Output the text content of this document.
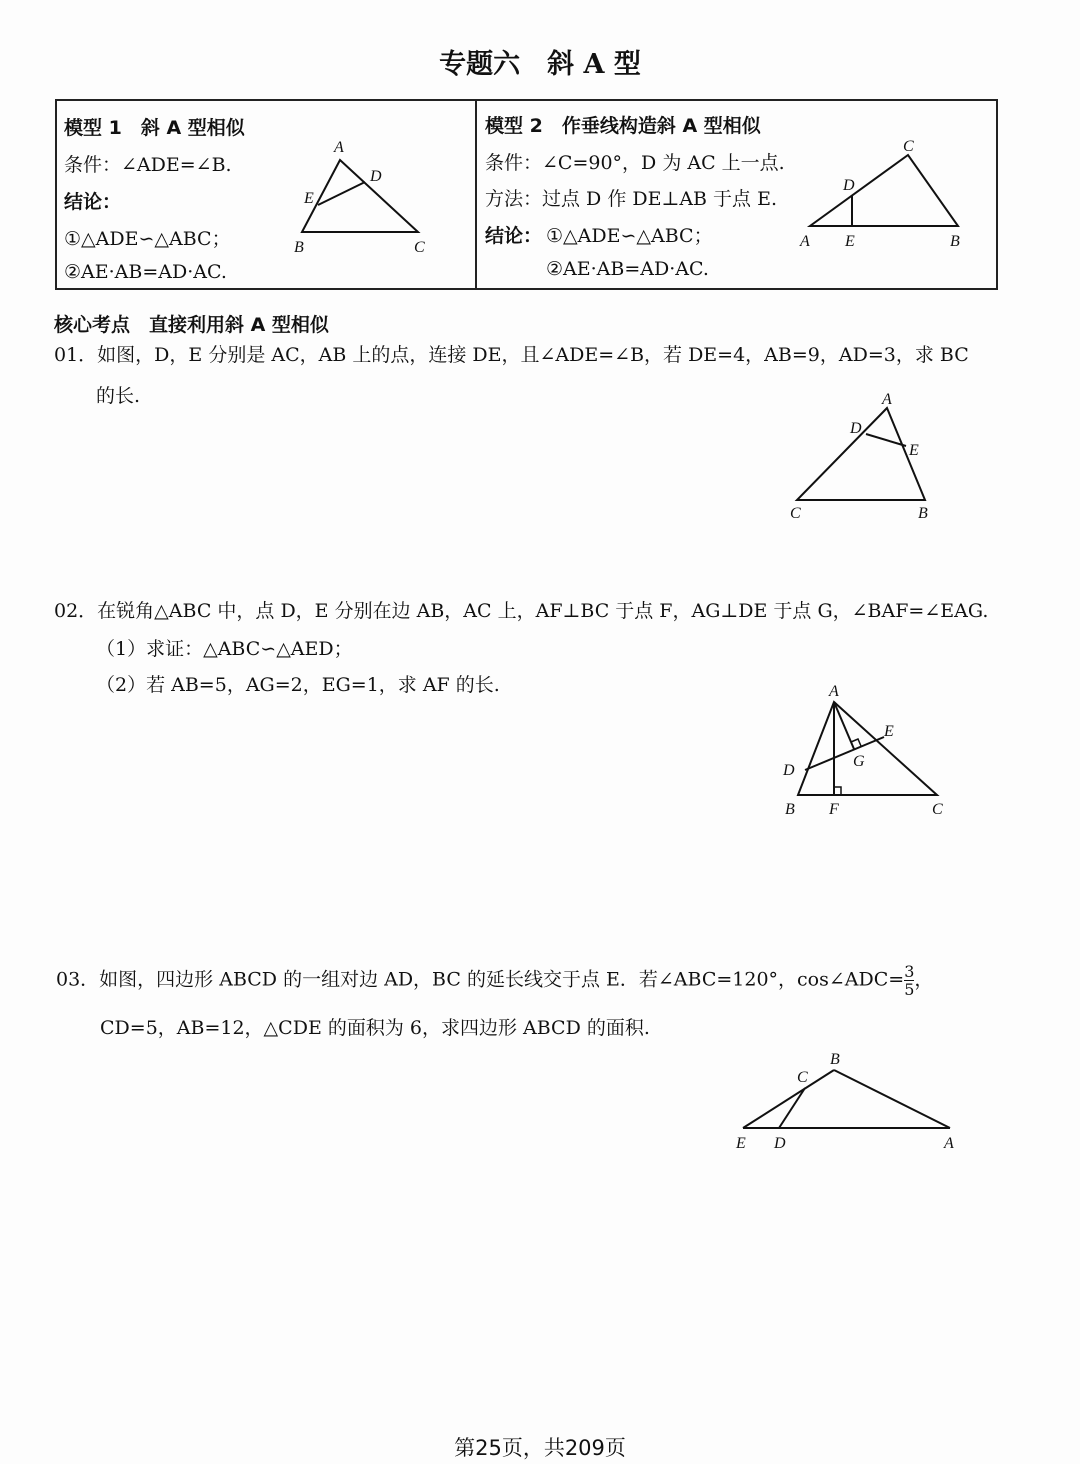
专题六　斜 A 型
模型 1　斜 A 型相似
条件：∠ADE=∠B.
结论：
①△ADE∽△ABC；
②AE·AB=AD·AC.
模型 2　作垂线构造斜 A 型相似
条件：∠C=90°，D 为 AC 上一点.
方法：过点 D 作 DE⊥AB 于点 E.
结论： ①△ADE∽△ABC；
②AE·AB=AD·AC.
核心考点　直接利用斜 A 型相似
01．如图，D，E 分别是 AC，AB 上的点，连接 DE，且∠ADE=∠B，若 DE=4，AB=9，AD=3，求 BC
的长.
02．在锐角△ABC 中，点 D，E 分别在边 AB，AC 上，AF⊥BC 于点 F，AG⊥DE 于点 G，∠BAF=∠EAG.
（1）求证：△ABC∽△AED；
（2）若 AB=5，AG=2，EG=1，求 AF 的长.
03．如图，四边形 ABCD 的一组对边 AD，BC 的延长线交于点 E．若∠ABC=120°，cos∠ADC= $\frac{3}{5}$ ，
CD=5，AB=12，△CDE 的面积为 6，求四边形 ABCD 的面积.
A
B	C
D
E
A	B
C
D
E
A
B
C
D
E
A
B	C
D
E
F
G
B
C
E D	A
第25页，共209页
